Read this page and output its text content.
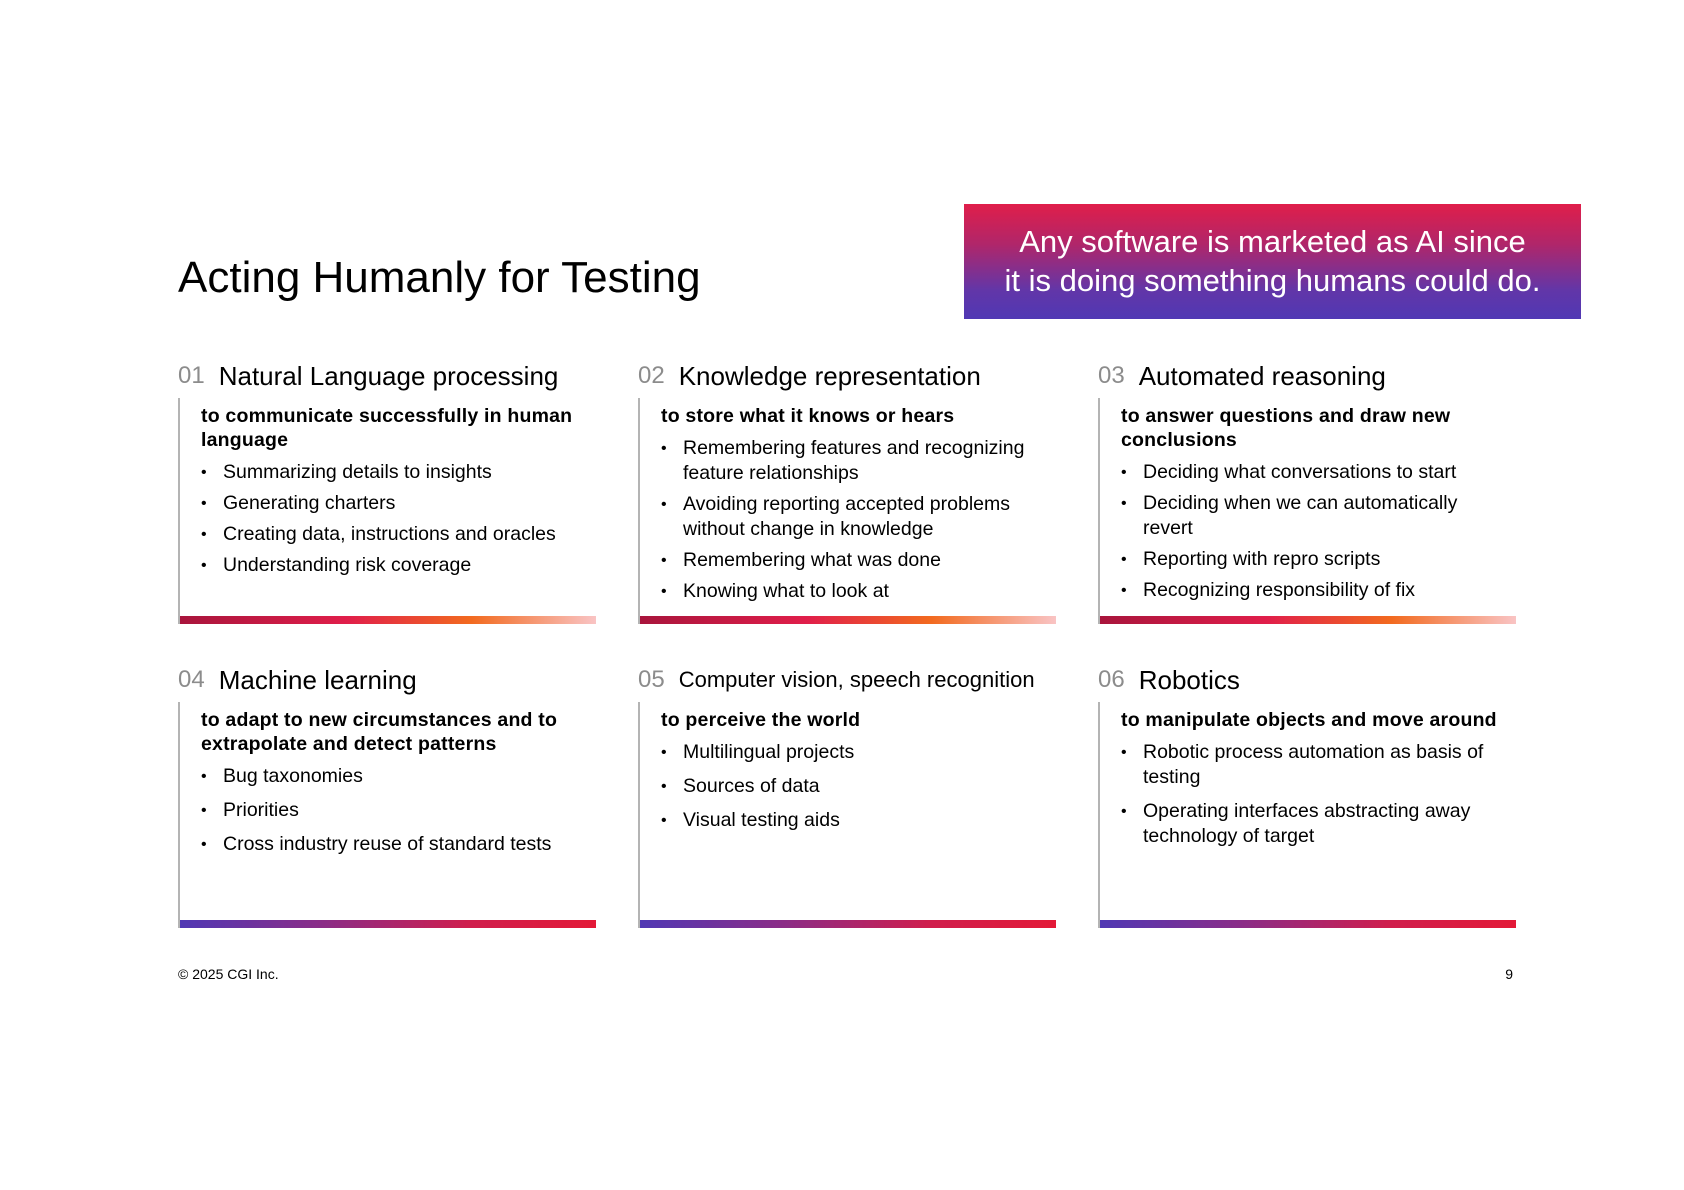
Acting Humanly for Testing
Any software is marketed as AI since
it is doing something humans could do.
01 Natural Language processing

to communicate successfully in human language

• Summarizing details to insights
• Generating charters
• Creating data, instructions and oracles
• Understanding risk coverage
02 Knowledge representation

to store what it knows or hears

• Remembering features and recognizing feature relationships
• Avoiding reporting accepted problems without change in knowledge
• Remembering what was done
• Knowing what to look at
03 Automated reasoning

to answer questions and draw new conclusions

• Deciding what conversations to start
• Deciding when we can automatically revert
• Reporting with repro scripts
• Recognizing responsibility of fix
04 Machine learning

to adapt to new circumstances and to extrapolate and detect patterns

• Bug taxonomies
• Priorities
• Cross industry reuse of standard tests
05 Computer vision, speech recognition

to perceive the world

• Multilingual projects
• Sources of data
• Visual testing aids
06 Robotics

to manipulate objects and move around

• Robotic process automation as basis of testing
• Operating interfaces abstracting away technology of target
© 2025 CGI Inc.	9
